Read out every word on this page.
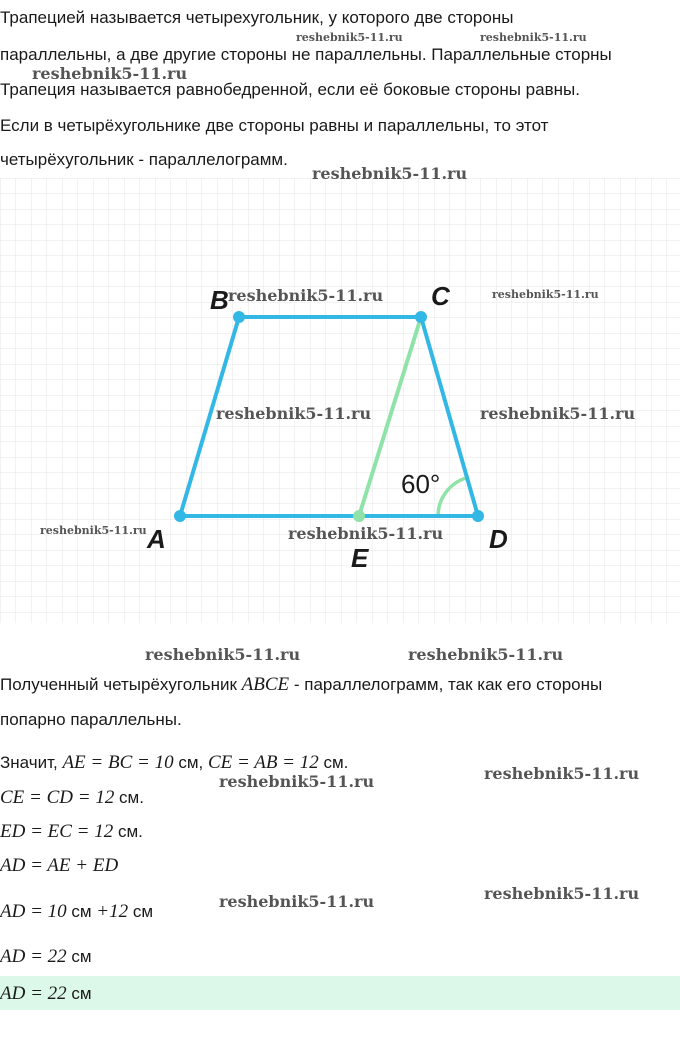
Трапецией называется четырехугольник, у которого две стороны
параллельны, а две другие стороны не параллельны. Параллельные сторны
Трапеция называется равнобедренной, если её боковые стороны равны.
Если в четырёхугольнике две стороны равны и параллельны, то этот
четырёхугольник - параллелограмм.
A
B	C
D
E
60°
Полученный четырёхугольник ABCE - параллелограмм, так как его стороны
попарно параллельны.
Значит, AE = BC = 10 см, CE = AB = 12 см.
CE = CD = 12 см.
ED = EC = 12 см.
AD = AE + ED
AD = 10 см +12 см
AD = 22 см
AD = 22 см
reshebnik5-11.ru	reshebnik5-11.ru
reshebnik5-11.ru
reshebnik5-11.ru
reshebnik5-11.ru	reshebnik5-11.ru
reshebnik5-11.ru	reshebnik5-11.ru
reshebnik5-11.ru	reshebnik5-11.ru
reshebnik5-11.ru	reshebnik5-11.ru
reshebnik5-11.ru
reshebnik5-11.ru
reshebnik5-11.ru
reshebnik5-11.ru
